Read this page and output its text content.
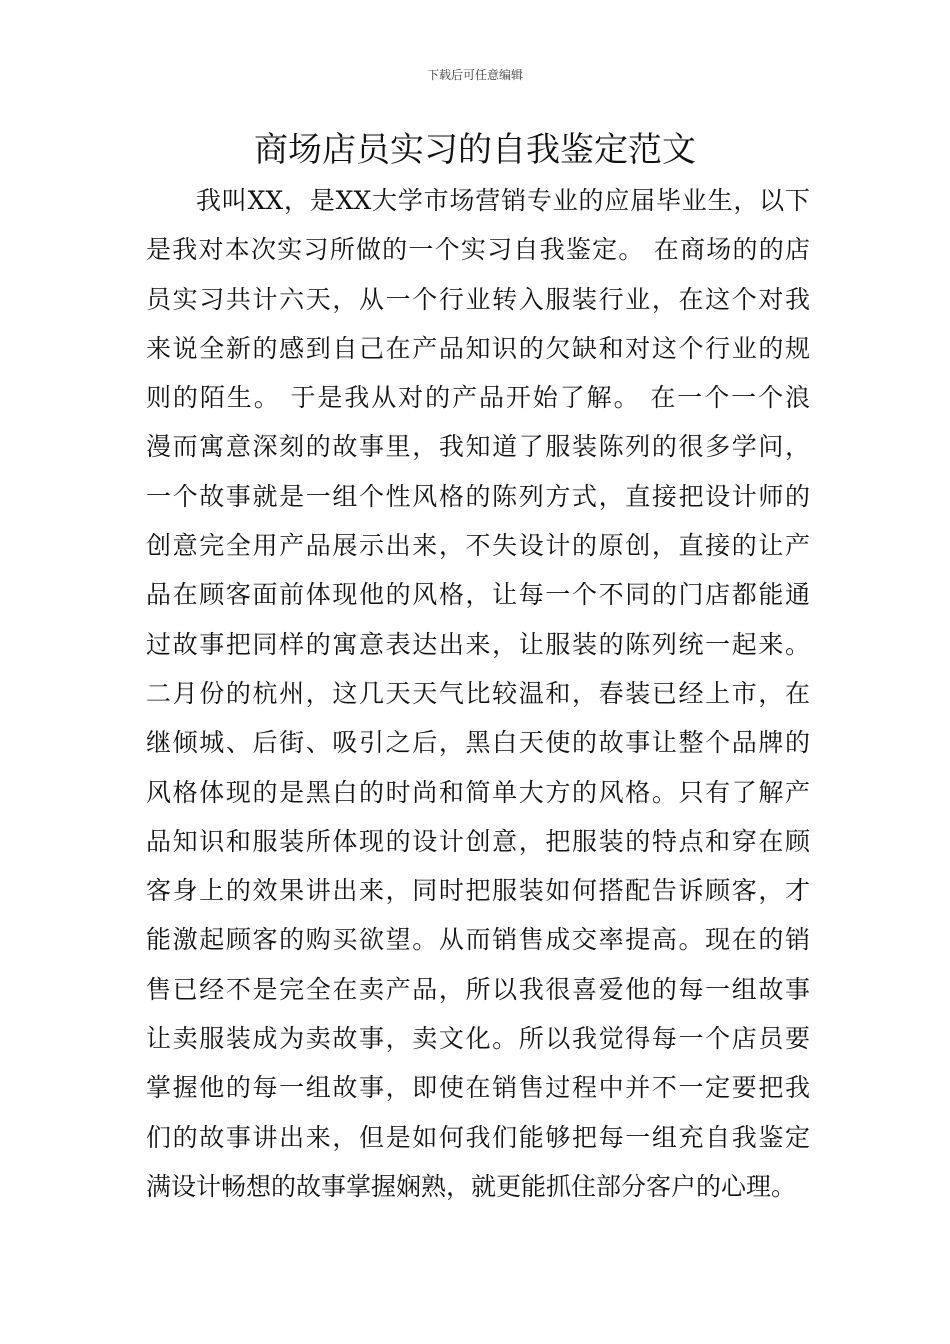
下载后可任意编辑
商场店员实习的自我鉴定范文
我叫XX，是XX大学市场营销专业的应届毕业生，以下
是我对本次实习所做的一个实习自我鉴定。 在商场的的店
员实习共计六天，从一个行业转入服装行业，在这个对我
来说全新的感到自己在产品知识的欠缺和对这个行业的规
则的陌生。 于是我从对的产品开始了解。 在一个一个浪
漫而寓意深刻的故事里，我知道了服装陈列的很多学问，
一个故事就是一组个性风格的陈列方式，直接把设计师的
创意完全用产品展示出来，不失设计的原创，直接的让产
品在顾客面前体现他的风格，让每一个不同的门店都能通
过故事把同样的寓意表达出来，让服装的陈列统一起来。
二月份的杭州，这几天天气比较温和，春装已经上市，在
继倾城、后街、吸引之后，黑白天使的故事让整个品牌的
风格体现的是黑白的时尚和简单大方的风格。只有了解产
品知识和服装所体现的设计创意，把服装的特点和穿在顾
客身上的效果讲出来，同时把服装如何搭配告诉顾客，才
能激起顾客的购买欲望。从而销售成交率提高。现在的销
售已经不是完全在卖产品，所以我很喜爱他的每一组故事
让卖服装成为卖故事，卖文化。所以我觉得每一个店员要
掌握他的每一组故事，即使在销售过程中并不一定要把我
们的故事讲出来，但是如何我们能够把每一组充自我鉴定
满设计畅想的故事掌握娴熟，就更能抓住部分客户的心理。
